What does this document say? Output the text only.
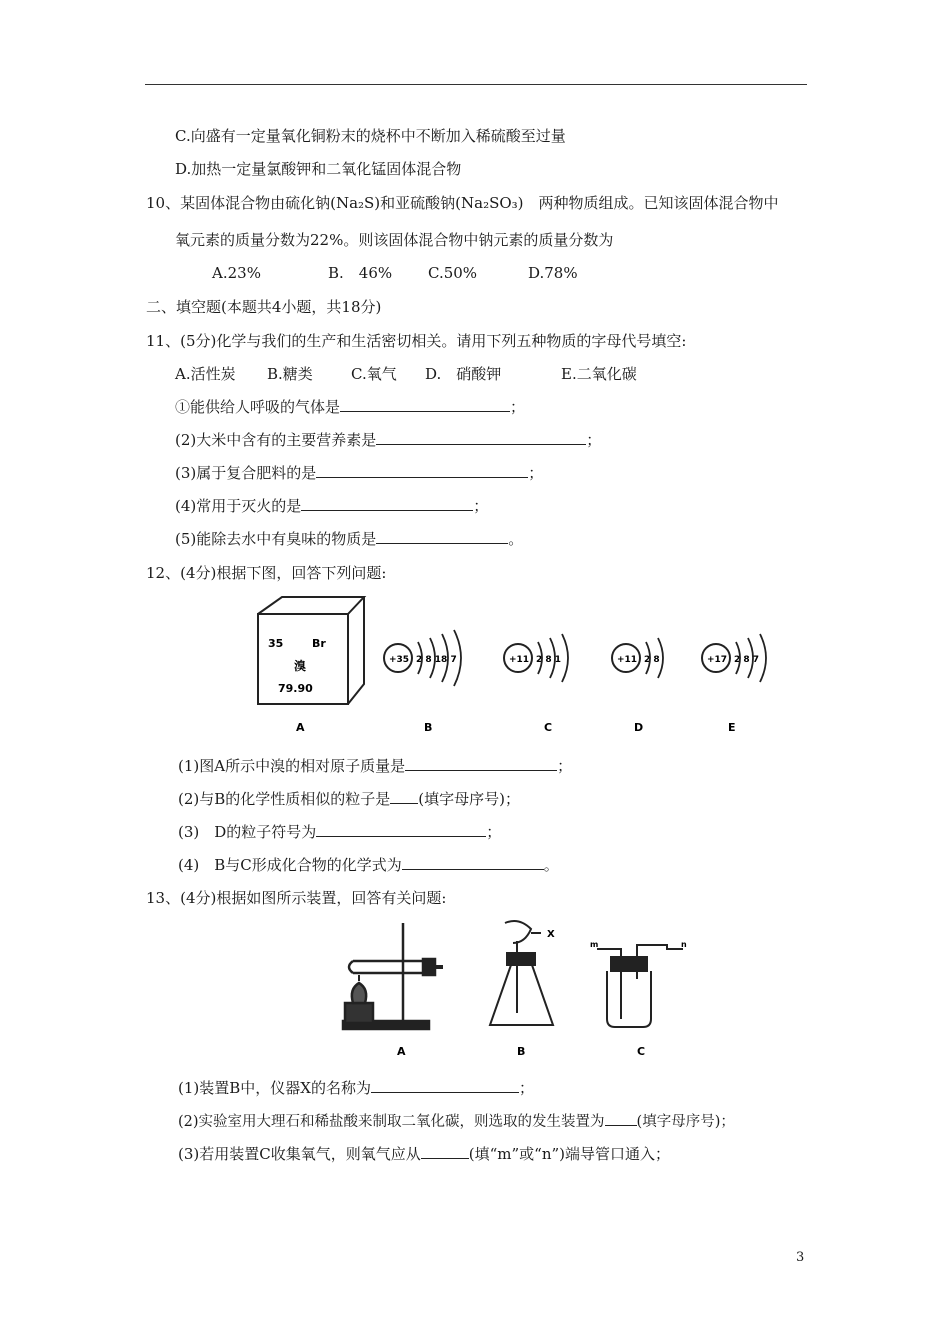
C.向盛有一定量氧化铜粉末的烧杯中不断加入稀硫酸至过量
D.加热一定量氯酸钾和二氧化锰固体混合物
10、某固体混合物由硫化钠(Na₂S)和亚硫酸钠(Na₂SO₃)　两种物质组成。已知该固体混合物中
氧元素的质量分数为22%。则该固体混合物中钠元素的质量分数为
A.23%	B.　46% C.50%	D.78%
二、填空题(本题共4小题，共18分)
11、(5分)化学与我们的生产和生活密切相关。请用下列五种物质的字母代号填空:
A.活性炭 B.糖类	C.氧气 D.　硝酸钾	E.二氧化碳
①能供给人呼吸的气体是	；
(2)大米中含有的主要营养素是	；
(3)属于复合肥料的是	；
(4)常用于灭火的是	；
(5)能除去水中有臭味的物质是	。
12、(4分)根据下图，回答下列问题:
35	Br
溴
79.90
A
+35 2 8 18 7
B
+11 2 8 1
C
+11 2 8
D
+17 2 8 7
E
(1)图A所示中溴的相对原子质量是	；
(2)与B的化学性质相似的粒子是 (填字母序号)；
(3)　D的粒子符号为	；
(4)　B与C形成化合物的化学式为	。
13、(4分)根据如图所示装置，回答有关问题:
A
X
B
m	n
C
(1)装置B中，仪器X的名称为	；
(2)实验室用大理石和稀盐酸来制取二氧化碳，则选取的发生装置为 (填字母序号)；
(3)若用装置C收集氧气，则氧气应从	(填“m”或“n”)端导管口通入；
3
